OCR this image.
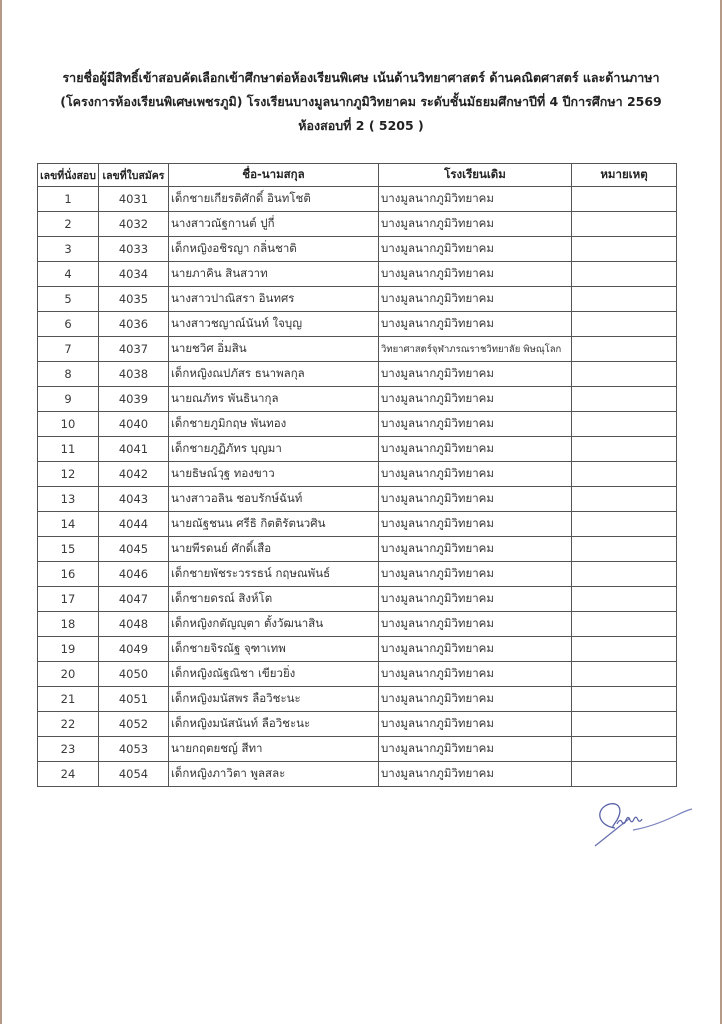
รายชื่อผู้มีสิทธิ์เข้าสอบคัดเลือกเข้าศึกษาต่อห้องเรียนพิเศษ เน้นด้านวิทยาศาสตร์ ด้านคณิตศาสตร์ และด้านภาษา
(โครงการห้องเรียนพิเศษเพชรภูมิ) โรงเรียนบางมูลนากภูมิวิทยาคม ระดับชั้นมัธยมศึกษาปีที่ 4 ปีการศึกษา 2569
ห้องสอบที่ 2 ( 5205 )
เลขที่นั่งสอบ	เลขที่ใบสมัคร	ชื่อ-นามสกุล	โรงเรียนเดิม	หมายเหตุ
1	4031	เด็กชายเกียรติศักดิ์ อินทโชติ	บางมูลนากภูมิวิทยาคม	
2	4032	นางสาวณัฐกานต์ ปูกี่	บางมูลนากภูมิวิทยาคม	
3	4033	เด็กหญิงอชิรญา กลิ่นชาติ	บางมูลนากภูมิวิทยาคม	
4	4034	นายภาคิน สินสวาท	บางมูลนากภูมิวิทยาคม	
5	4035	นางสาวปาณิสรา อินทศร	บางมูลนากภูมิวิทยาคม	
6	4036	นางสาวชญาณ์นันท์ ใจบุญ	บางมูลนากภูมิวิทยาคม	
7	4037	นายชวิศ อิ่มสิน	วิทยาศาสตร์จุฬาภรณราชวิทยาลัย พิษณุโลก	
8	4038	เด็กหญิงณปภัสร ธนาพลกุล	บางมูลนากภูมิวิทยาคม	
9	4039	นายณภัทร พันธินากุล	บางมูลนากภูมิวิทยาคม	
10	4040	เด็กชายภูมิกฤษ พันทอง	บางมูลนากภูมิวิทยาคม	
11	4041	เด็กชายภูฏิภัทร บุญมา	บางมูลนากภูมิวิทยาคม	
12	4042	นายธิษณ์วุฐ ทองขาว	บางมูลนากภูมิวิทยาคม	
13	4043	นางสาวอลิน ชอบรักษ์ฉันท์	บางมูลนากภูมิวิทยาคม	
14	4044	นายณัฐชนน ศรีธิ กิตติรัตนวศิน	บางมูลนากภูมิวิทยาคม	
15	4045	นายพีรดนย์ ศักดิ์เสือ	บางมูลนากภูมิวิทยาคม	
16	4046	เด็กชายพัชระวรรธน์ กฤษณพันธ์	บางมูลนากภูมิวิทยาคม	
17	4047	เด็กชายดรณ์ สิงห์โต	บางมูลนากภูมิวิทยาคม	
18	4048	เด็กหญิงกตัญญุตา ตั้งวัฒนาสิน	บางมูลนากภูมิวิทยาคม	
19	4049	เด็กชายจิรณัฐ จุฑาเทพ	บางมูลนากภูมิวิทยาคม	
20	4050	เด็กหญิงณัฐณิชา เขียวยิ่ง	บางมูลนากภูมิวิทยาคม	
21	4051	เด็กหญิงมนัสพร ลือวิชะนะ	บางมูลนากภูมิวิทยาคม	
22	4052	เด็กหญิงมนัสนันท์ ลือวิชะนะ	บางมูลนากภูมิวิทยาคม	
23	4053	นายกฤตยชญ์ สีทา	บางมูลนากภูมิวิทยาคม	
24	4054	เด็กหญิงภาวิตา พูลสละ	บางมูลนากภูมิวิทยาคม	
